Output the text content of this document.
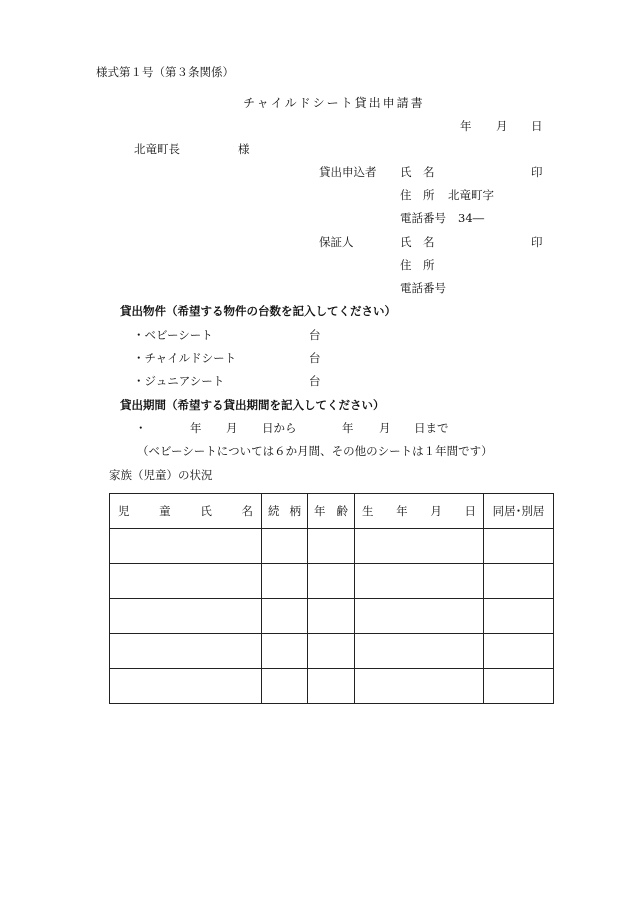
様式第１号（第３条関係）
チャイルドシート貸出申請書
年 月 日
北竜町長	様
貸出申込者 氏　名	印
住　所 北竜町字
電話番号 34―
保証人	氏　名	印
住　所
電話番号
貸出物件（希望する物件の台数を記入してください）
・ベビーシート	台
・チャイルドシート	台
・ジュニアシート	台
貸出期間（希望する貸出期間を記入してください）
・	年 月 日から	年 月 日まで
（ベビーシートについては６か月間、その他のシートは１年間です）
家族（児童）の状況
児 童 氏 名	続 柄	年 齢	生 年 月 日	同居･別居
